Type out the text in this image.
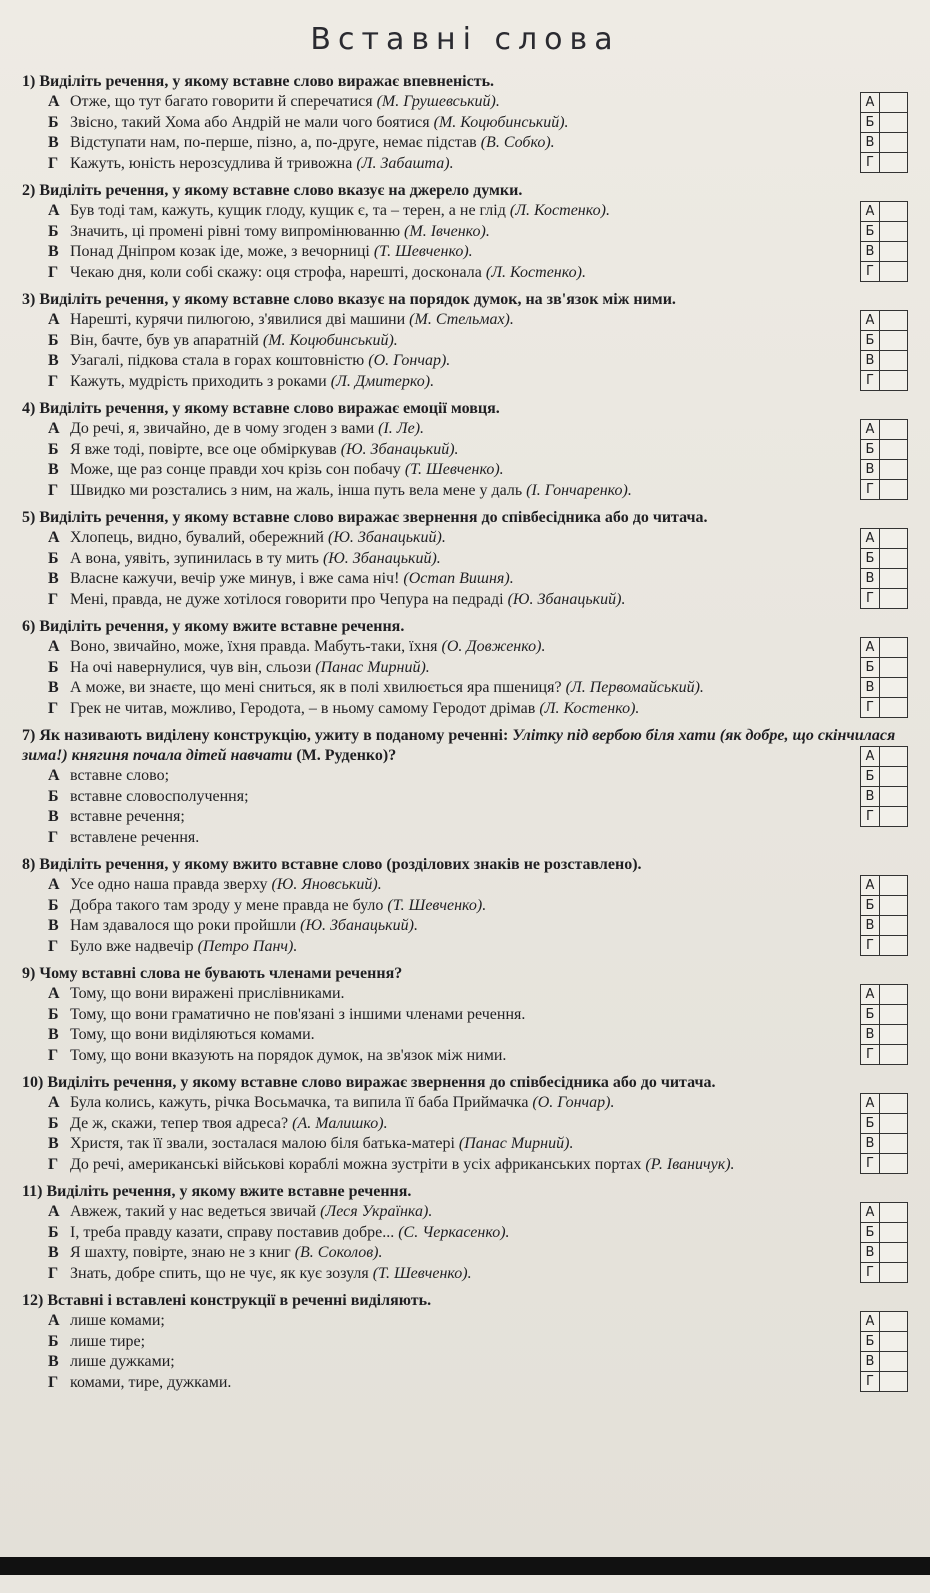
Вставні слова
1) Виділіть речення, у якому вставне слово виражає впевненість.
А Отже, що тут багато говорити й сперечатися (М. Грушевський).
Б Звісно, такий Хома або Андрій не мали чого боятися (М. Коцюбинський).
В Відступати нам, по-перше, пізно, а, по-друге, немає підстав (В. Собко).
Г Кажуть, юність нерозсудлива й тривожна (Л. Забашта).
А
Б
В
Г
2) Виділіть речення, у якому вставне слово вказує на джерело думки.
А Був тоді там, кажуть, кущик глоду, кущик є, та – терен, а не глід (Л. Костенко).
Б Значить, ці промені рівні тому випромінюванню (М. Івченко).
В Понад Дніпром козак іде, може, з вечорниці (Т. Шевченко).
Г Чекаю дня, коли собі скажу: оця строфа, нарешті, досконала (Л. Костенко).
А
Б
В
Г
3) Виділіть речення, у якому вставне слово вказує на порядок думок, на зв'язок між ними.
А Нарешті, курячи пилюгою, з'явилися дві машини (М. Стельмах).
Б Він, бачте, був ув апаратній (М. Коцюбинський).
В Узагалі, підкова стала в горах коштовністю (О. Гончар).
Г Кажуть, мудрість приходить з роками (Л. Дмитерко).
А
Б
В
Г
4) Виділіть речення, у якому вставне слово виражає емоції мовця.
А До речі, я, звичайно, де в чому згоден з вами (І. Ле).
Б Я вже тоді, повірте, все оце обміркував (Ю. Збанацький).
В Може, ще раз сонце правди хоч крізь сон побачу (Т. Шевченко).
Г Швидко ми розстались з ним, на жаль, інша путь вела мене у даль (І. Гончаренко).
А
Б
В
Г
5) Виділіть речення, у якому вставне слово виражає звернення до співбесідника або до читача.
А Хлопець, видно, бувалий, обережний (Ю. Збанацький).
Б А вона, уявіть, зупинилась в ту мить (Ю. Збанацький).
В Власне кажучи, вечір уже минув, і вже сама ніч! (Остап Вишня).
Г Мені, правда, не дуже хотілося говорити про Чепура на педраді (Ю. Збанацький).
А
Б
В
Г
6) Виділіть речення, у якому вжите вставне речення.
А Воно, звичайно, може, їхня правда. Мабуть-таки, їхня (О. Довженко).
Б На очі навернулися, чув він, сльози (Панас Мирний).
В А може, ви знаєте, що мені сниться, як в полі хвилюється яра пшениця? (Л. Первомайський).
Г Грек не читав, можливо, Геродота, – в ньому самому Геродот дрімав (Л. Костенко).
А
Б
В
Г
7) Як називають виділену конструкцію, ужиту в поданому реченні: Улітку під вербою біля хати (як добре, що скінчилася зима!) княгиня почала дітей навчати (М. Руденко)?
А вставне слово;
Б вставне словосполучення;
В вставне речення;
Г вставлене речення.
А
Б
В
Г
8) Виділіть речення, у якому вжито вставне слово (розділових знаків не розставлено).
А Усе одно наша правда зверху (Ю. Яновський).
Б Добра такого там зроду у мене правда не було (Т. Шевченко).
В Нам здавалося що роки пройшли (Ю. Збанацький).
Г Було вже надвечір (Петро Панч).
А
Б
В
Г
9) Чому вставні слова не бувають членами речення?
А Тому, що вони виражені прислівниками.
Б Тому, що вони граматично не пов'язані з іншими членами речення.
В Тому, що вони виділяються комами.
Г Тому, що вони вказують на порядок думок, на зв'язок між ними.
А
Б
В
Г
10) Виділіть речення, у якому вставне слово виражає звернення до співбесідника або до читача.
А Була колись, кажуть, річка Восьмачка, та випила її баба Приймачка (О. Гончар).
Б Де ж, скажи, тепер твоя адреса? (А. Малишко).
В Христя, так її звали, зосталася малою біля батька-матері (Панас Мирний).
Г До речі, американські військові кораблі можна зустріти в усіх африканських портах (Р. Іваничук).
А
Б
В
Г
11) Виділіть речення, у якому вжите вставне речення.
А Авжеж, такий у нас ведеться звичай (Леся Українка).
Б І, треба правду казати, справу поставив добре... (С. Черкасенко).
В Я шахту, повірте, знаю не з книг (В. Соколов).
Г Знать, добре спить, що не чує, як кує зозуля (Т. Шевченко).
А
Б
В
Г
12) Вставні і вставлені конструкції в реченні виділяють.
А лише комами;
Б лише тире;
В лише дужками;
Г комами, тире, дужками.
А
Б
В
Г
